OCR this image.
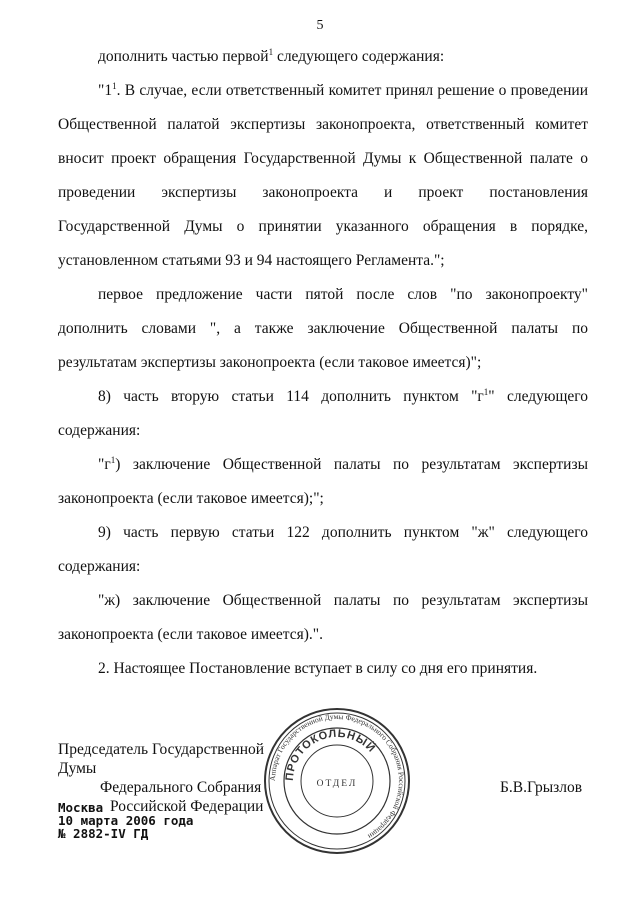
5

дополнить частью первой$^1$ следующего содержания:

"$1^1$. В случае, если ответственный комитет принял решение о проведении Общественной палатой экспертизы законопроекта, ответственный комитет вносит проект обращения Государственной Думы к Общественной палате о проведении экспертизы законопроекта и проект постановления Государственной Думы о принятии указанного обращения в порядке, установленном статьями 93 и 94 настоящего Регламента.";

первое предложение части пятой после слов "по законопроекту" дополнить словами ", а также заключение Общественной палаты по результатам экспертизы законопроекта (если таковое имеется)";

8) часть вторую статьи 114 дополнить пунктом "$г^1$" следующего содержания:

"$г^1$) заключение Общественной палаты по результатам экспертизы законопроекта (если таковое имеется);";

9) часть первую статьи 122 дополнить пунктом "ж" следующего содержания:

"ж) заключение Общественной палаты по результатам экспертизы законопроекта (если таковое имеется).".

2. Настоящее Постановление вступает в силу со дня его принятия.

Председатель Государственной Думы
Федерального Собрания
Российской Федерации
Б.В.Грызлов
Москва
10 марта 2006 года
№ 2882-IV ГД
Аппарат Государственной Думы Федерального Собрания Российской Федерации
ПРОТОКОЛЬНЫЙ
ОТДЕЛ
